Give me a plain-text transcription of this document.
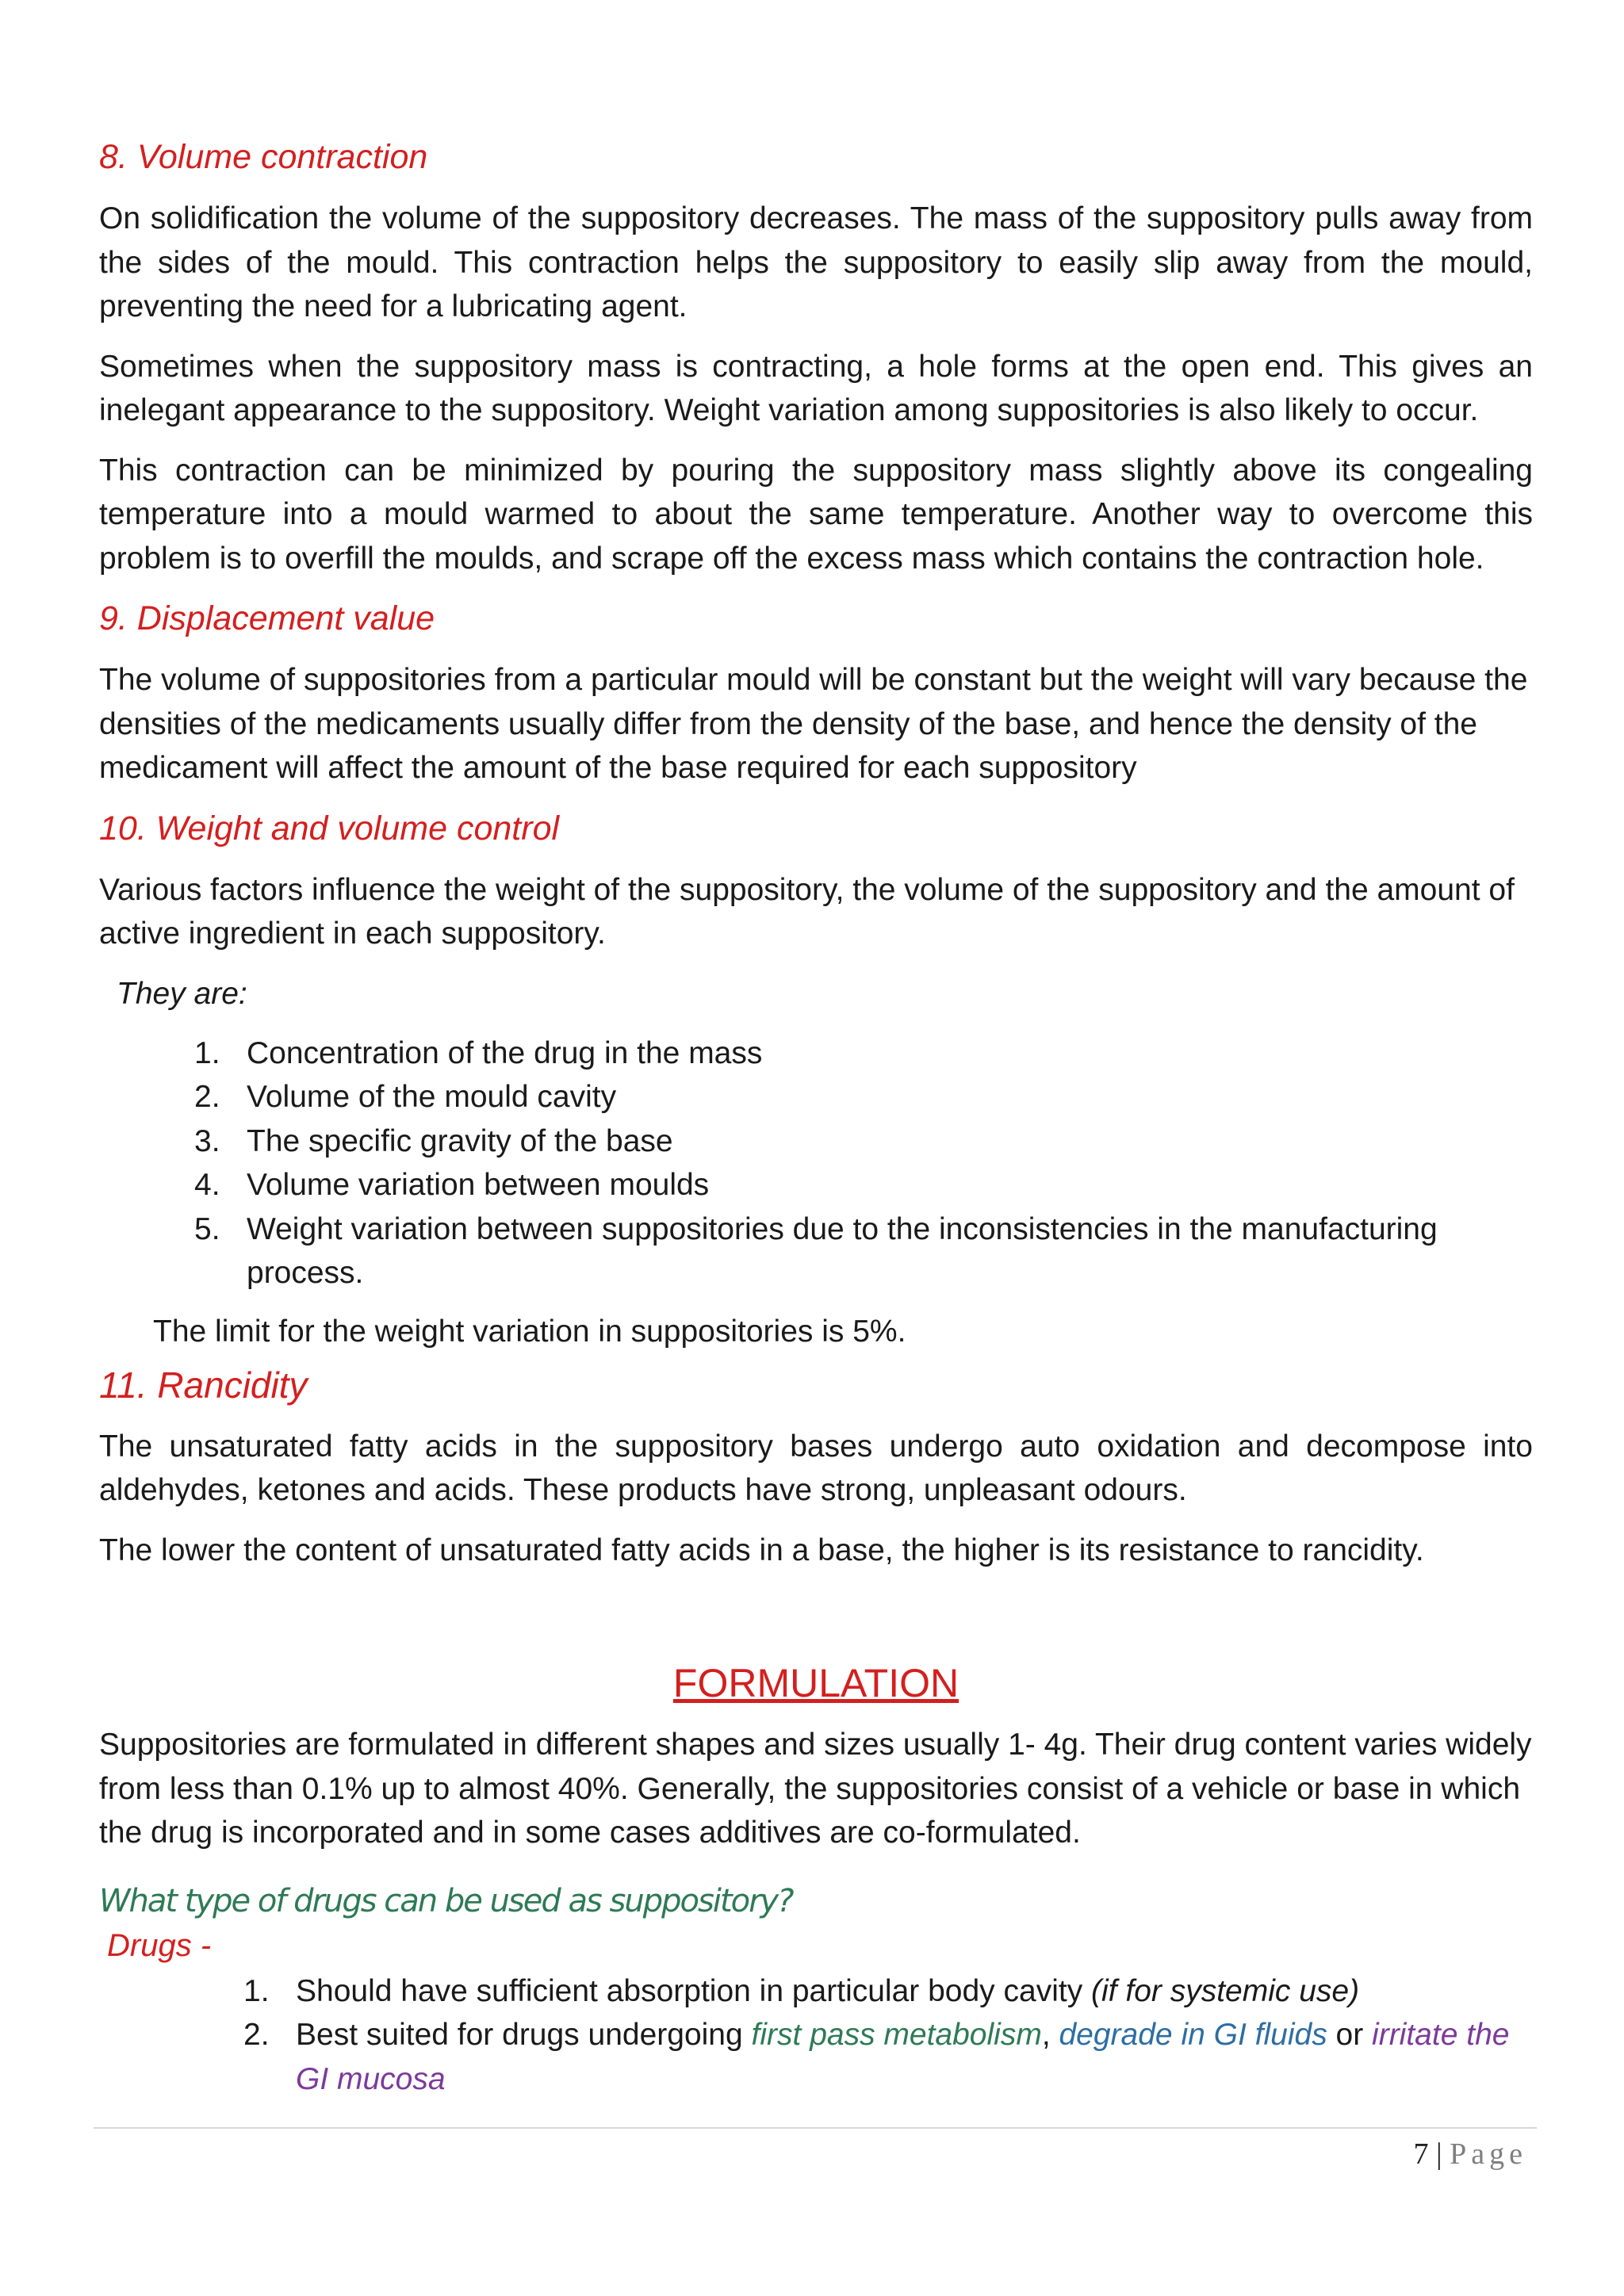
8. Volume contraction

On solidification the volume of the suppository decreases. The mass of the suppository pulls away from the sides of the mould. This contraction helps the suppository to easily slip away from the mould, preventing the need for a lubricating agent.

Sometimes when the suppository mass is contracting, a hole forms at the open end. This gives an inelegant appearance to the suppository. Weight variation among suppositories is also likely to occur.

This contraction can be minimized by pouring the suppository mass slightly above its congealing temperature into a mould warmed to about the same temperature. Another way to overcome this problem is to overfill the moulds, and scrape off the excess mass which contains the contraction hole.

9. Displacement value

The volume of suppositories from a particular mould will be constant but the weight will vary because the densities of the medicaments usually differ from the density of the base, and hence the density of the medicament will affect the amount of the base required for each suppository

10. Weight and volume control

Various factors influence the weight of the suppository, the volume of the suppository and the amount of active ingredient in each suppository.

They are:

1. Concentration of the drug in the mass
2. Volume of the mould cavity
3. The specific gravity of the base
4. Volume variation between moulds
5. Weight variation between suppositories due to the inconsistencies in the manufacturing process.

The limit for the weight variation in suppositories is 5%.

11. Rancidity

The unsaturated fatty acids in the suppository bases undergo auto oxidation and decompose into aldehydes, ketones and acids. These products have strong, unpleasant odours.

The lower the content of unsaturated fatty acids in a base, the higher is its resistance to rancidity.

FORMULATION

Suppositories are formulated in different shapes and sizes usually 1- 4g. Their drug content varies widely from less than 0.1% up to almost 40%. Generally, the suppositories consist of a vehicle or base in which the drug is incorporated and in some cases additives are co-formulated.

What type of drugs can be used as suppository?

Drugs -

1. Should have sufficient absorption in particular body cavity (if for systemic use)
2. Best suited for drugs undergoing first pass metabolism, degrade in GI fluids or irritate the GI mucosa
7 | Page
